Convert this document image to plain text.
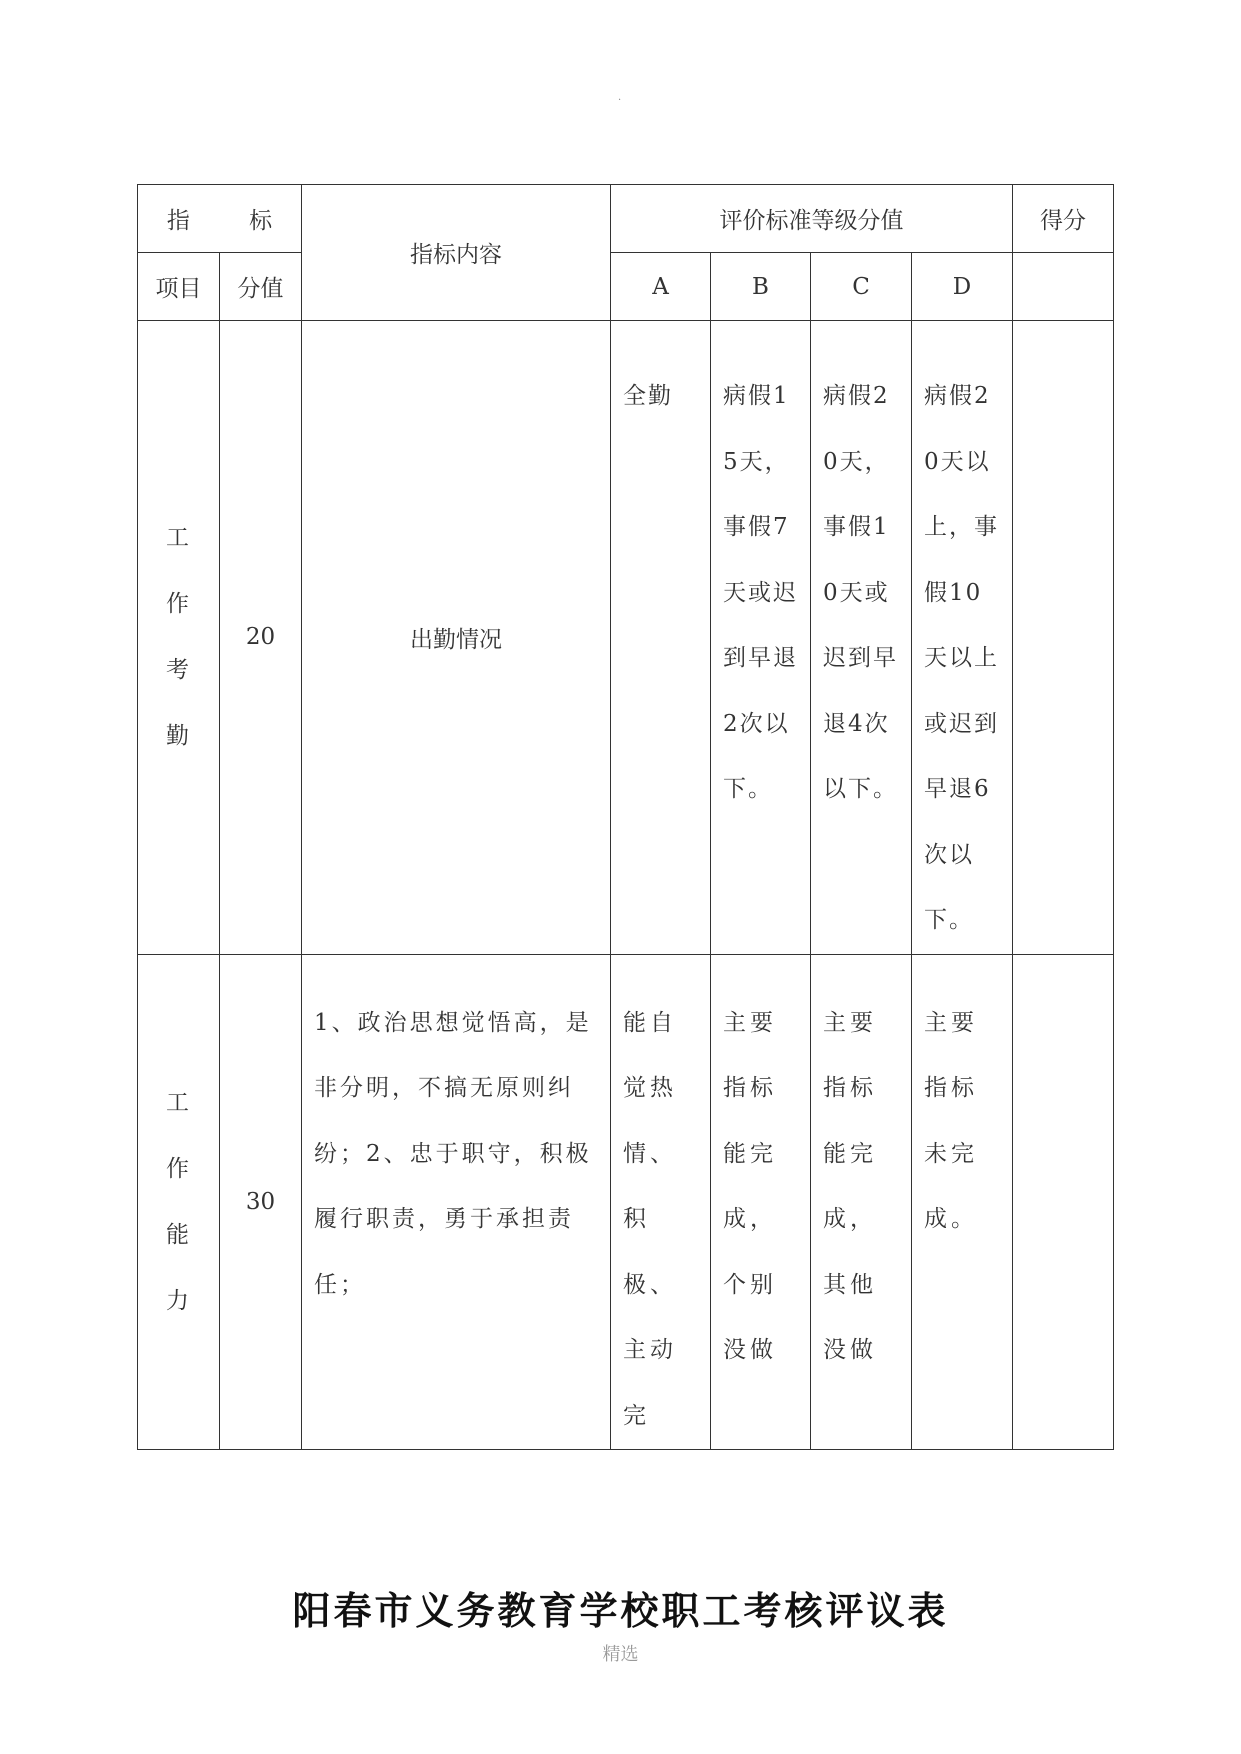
.
指 标		指标内容	评价标准等级分值				得分
项目	分值		A	B	C	D	

工作考勤	20	出勤情况	全勤	病假15天，事假7天或迟到早退2次以下。	病假20天，事假10天或迟到早退4次以下。	病假20天以上，事假10天以上或迟到早退6次以下。	

工作能力	30	1、政治思想觉悟高，是非分明，不搞无原则纠纷；2、忠于职守，积极履行职责，勇于承担责任；	能自觉热情、积极、主动完	主要指标能完成，个别没做	主要指标能完成，其他没做	主要指标未完成。	

阳春市义务教育学校职工考核评议表
精选
